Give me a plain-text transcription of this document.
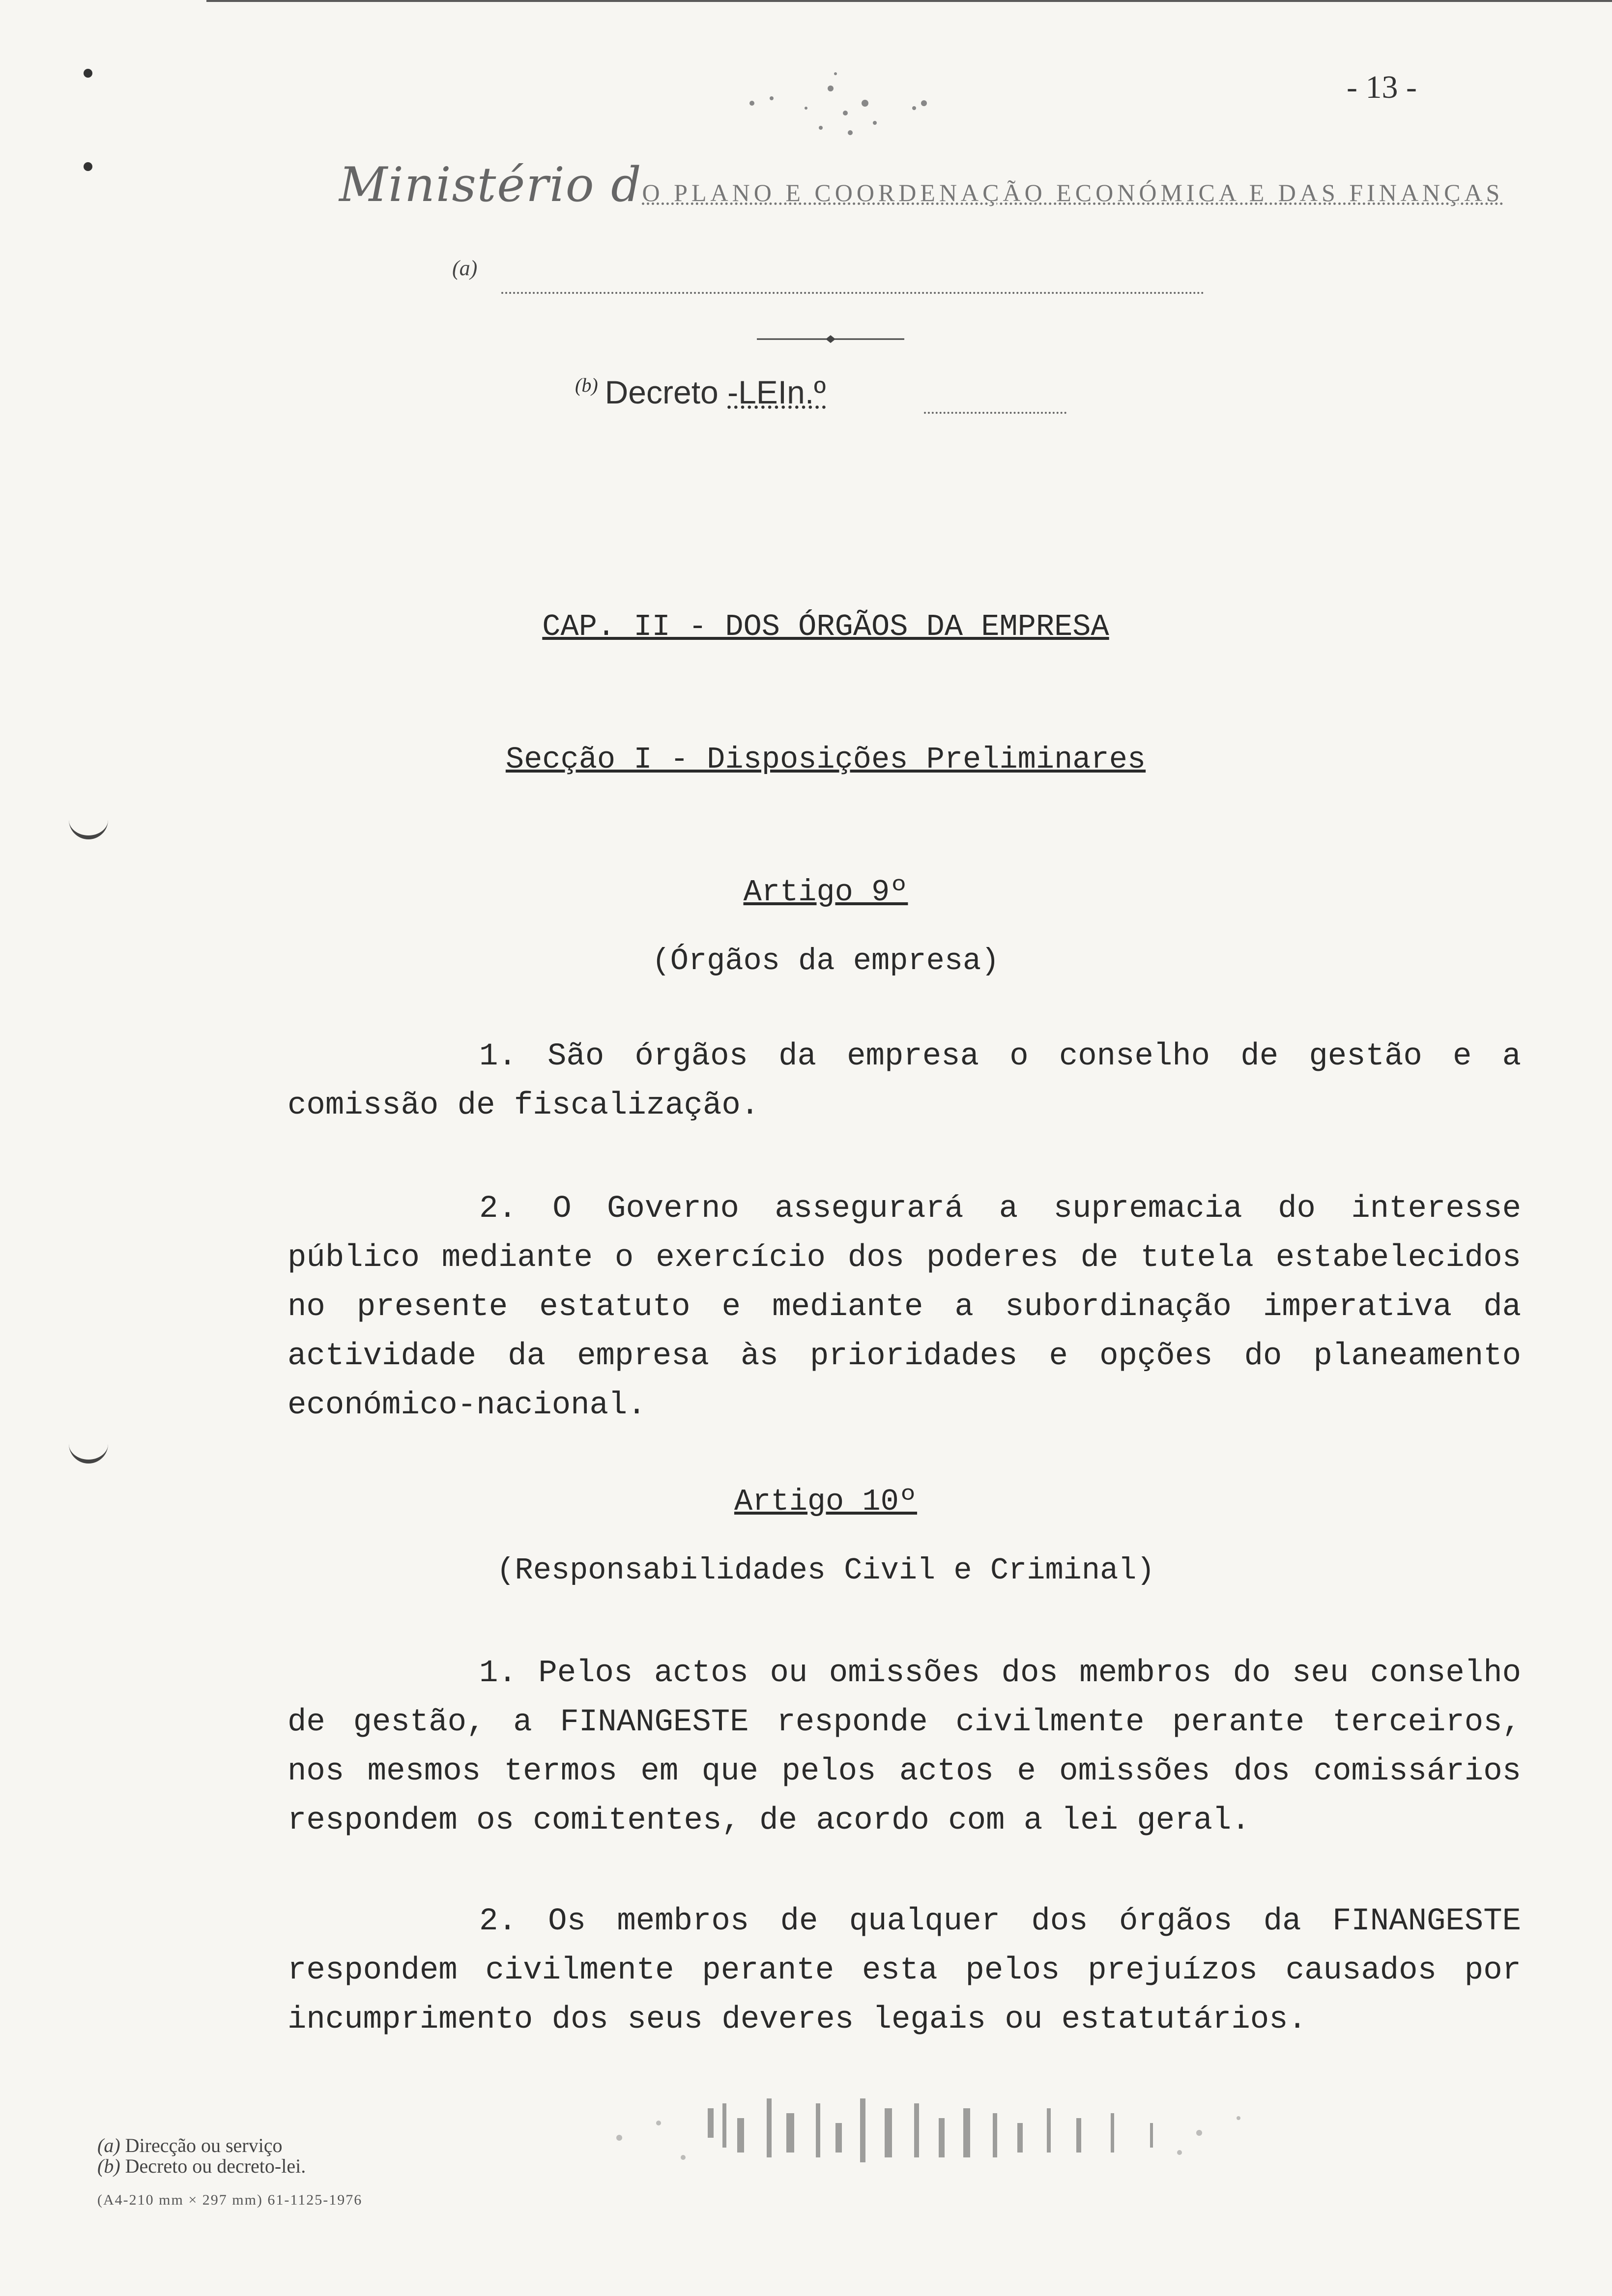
- 13 -
Ministério dO PLANO E COORDENAÇÃO ECONÓMICA E DAS FINANÇAS
(a)
$^{(b)}$ Decreto -LEIn.º
CAP. II - DOS ÓRGÃOS DA EMPRESA
Secção I - Disposições Preliminares
Artigo 9º
(Órgãos da empresa)
1. São órgãos da empresa o conselho de gestão e a comissão de fiscalização.
2. O Governo assegurará a supremacia do interesse público mediante o exercício dos poderes de tutela estabelecidos no presente estatuto e mediante a subordinação imperativa da actividade da empresa às prioridades e opções do planeamento económico-nacional.
Artigo 10º
(Responsabilidades Civil e Criminal)
1. Pelos actos ou omissões dos membros do seu conselho de gestão, a FINANGESTE responde civilmente perante terceiros, nos mesmos termos em que pelos actos e omissões dos comissários respondem os comitentes, de acordo com a lei geral.
2. Os membros de qualquer dos órgãos da FINANGESTE respondem civilmente perante esta pelos prejuízos causados por incumprimento dos seus deveres legais ou estatutários.
(a) Direcção ou serviço
(b) Decreto ou decreto-lei.
(A4-210 mm × 297 mm) 61-1125-1976
